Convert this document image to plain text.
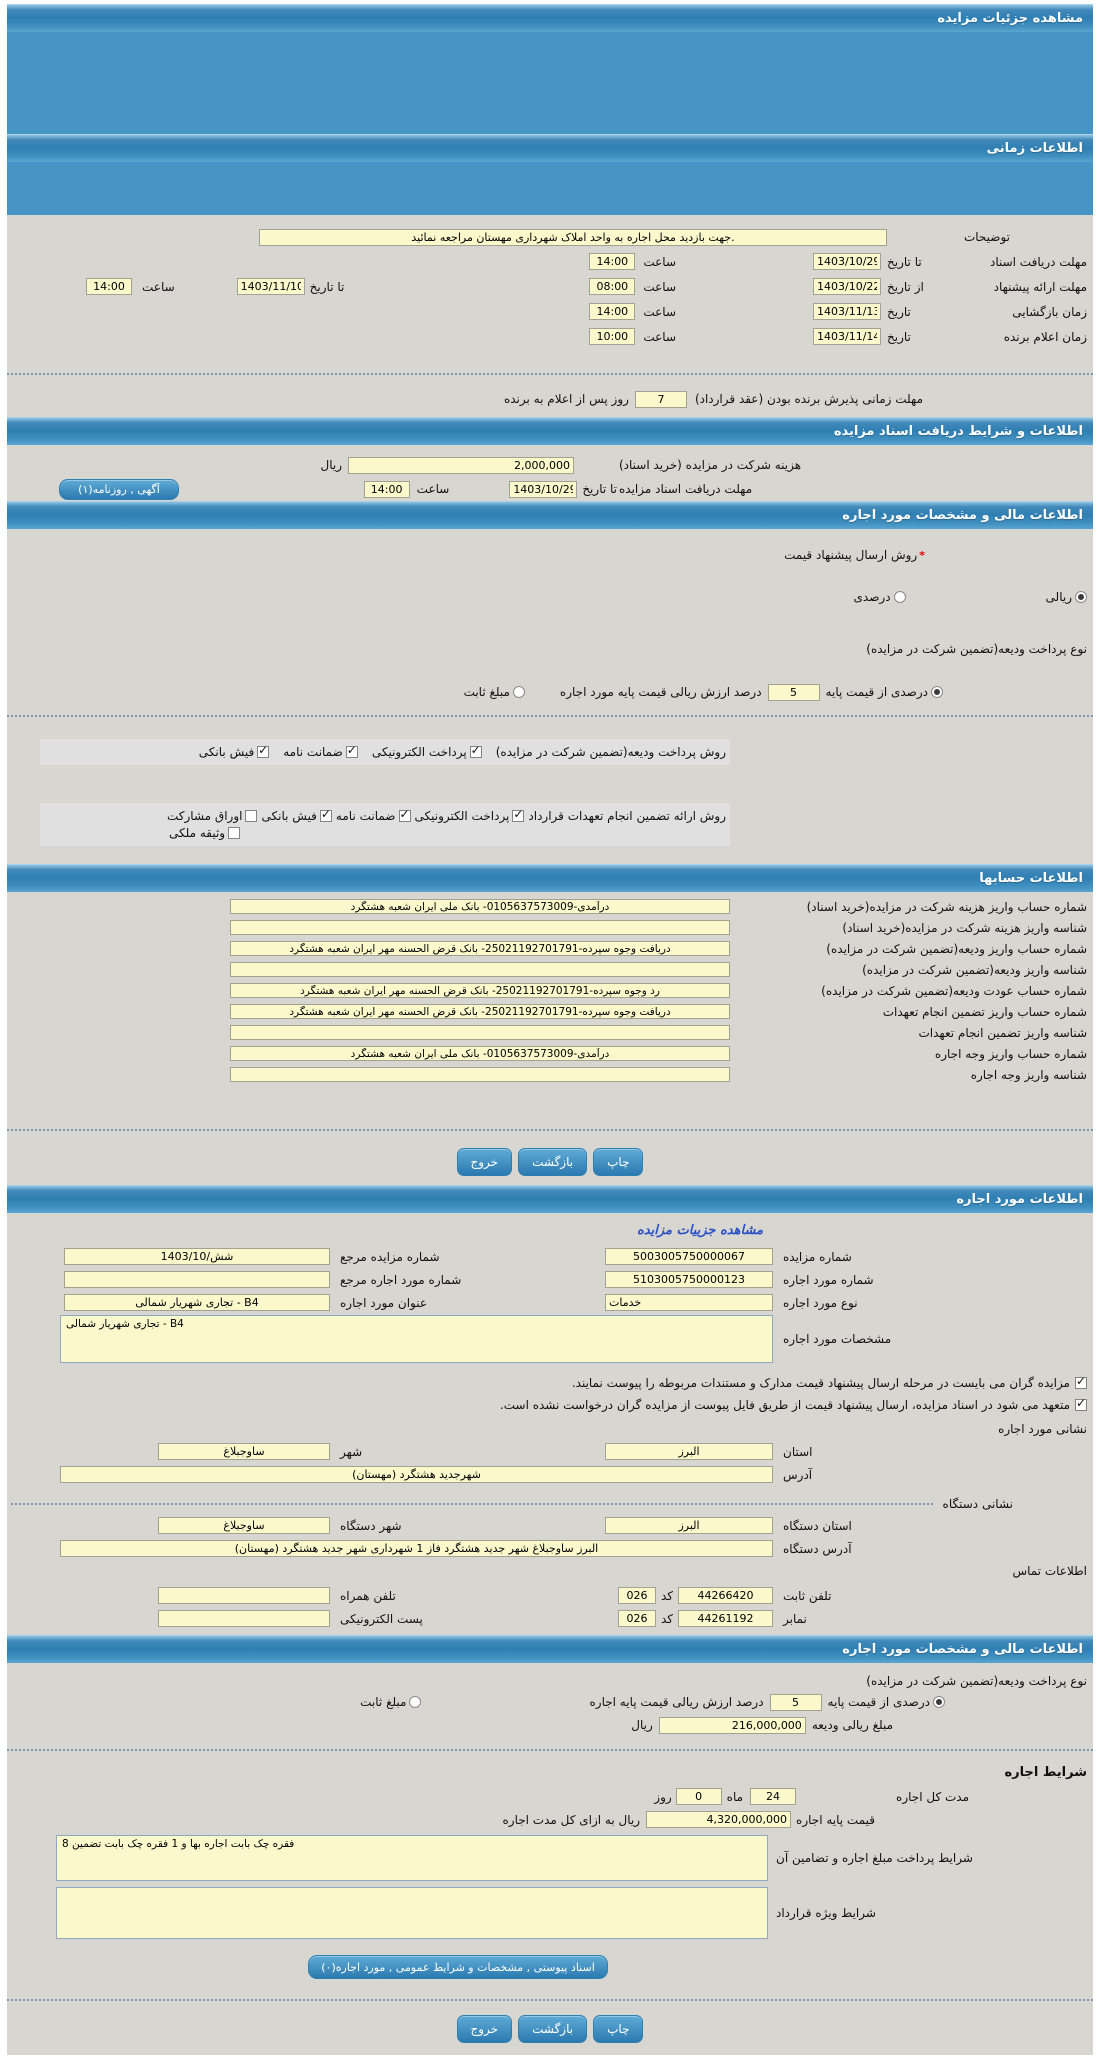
مشاهده جزئیات مزایده
اطلاعات زمانی
توضیحات
جهت بازدید محل اجاره به واحد املاک شهرداری مهستان مراجعه نمائید.
مهلت دریافت اسناد
تا تاریخ
1403/10/29
ساعت
14:00
مهلت ارائه پیشنهاد
از تاریخ
1403/10/22
ساعت
08:00
تا تاریخ
1403/11/10
ساعت
14:00
زمان بازگشایی
تاریخ
1403/11/13
ساعت
14:00
زمان اعلام برنده
تاریخ
1403/11/14
ساعت
10:00
مهلت زمانی پذیرش برنده بودن (عقد قرارداد)
7
روز پس از اعلام به برنده
اطلاعات و شرایط دریافت اسناد مزایده
هزینه شرکت در مزایده (خرید اسناد)
2,000,000
ریال
مهلت دریافت اسناد مزایده
تا تاریخ
1403/10/29
ساعت
14:00
آگهی , روزنامه(۱)
اطلاعات مالی و مشخصات مورد اجاره
*
روش ارسال پیشنهاد قیمت
ریالی
درصدی
نوع پرداخت ودیعه(تضمین شرکت در مزایده)
درصدی از قیمت پایه
5
درصد ارزش ریالی قیمت پایه مورد اجاره
مبلغ ثابت
روش پرداخت ودیعه(تضمین شرکت در مزایده)
✓
پرداخت الکترونیکی
✓
ضمانت نامه
✓
فیش بانکی
روش ارائه تضمین انجام تعهدات قرارداد
✓
پرداخت الکترونیکی
✓
ضمانت نامه
✓
فیش بانکی
اوراق مشارکت
وثیقه ملکی
اطلاعات حسابها
شماره حساب واریز هزینه شرکت در مزایده(خرید اسناد)
درآمدی-0105637573009- بانک ملی ایران شعبه هشتگرد
شناسه واریز هزینه شرکت در مزایده(خرید اسناد)
شماره حساب واریز ودیعه(تضمین شرکت در مزایده)
دریافت وجوه سپرده-25021192701791- بانک قرض الحسنه مهر ایران شعبه هشتگرد
شناسه واریز ودیعه(تضمین شرکت در مزایده)
شماره حساب عودت ودیعه(تضمین شرکت در مزایده)
رد وجوه سپرده-25021192701791- بانک قرض الحسنه مهر ایران شعبه هشتگرد
شماره حساب واریز تضمین انجام تعهدات
دریافت وجوه سپرده-25021192701791- بانک قرض الحسنه مهر ایران شعبه هشتگرد
شناسه واریز تضمین انجام تعهدات
شماره حساب واریز وجه اجاره
درآمدی-0105637573009- بانک ملی ایران شعبه هشتگرد
شناسه واریز وجه اجاره
چاپ
بازگشت
خروج
اطلاعات مورد اجاره
مشاهده جزییات مزایده
شماره مزایده
5003005750000067
شماره مزایده مرجع
شش/1403/10
شماره مورد اجاره
5103005750000123
شماره مورد اجاره مرجع
نوع مورد اجاره
خدمات
عنوان مورد اجاره
تجاری شهریار شمالی - B4
مشخصات مورد اجاره
تجاری شهریار شمالی - B4
✓
مزایده گران می بایست در مرحله ارسال پیشنهاد قیمت مدارک و مستندات مربوطه را پیوست نمایند.
✓
متعهد می شود در اسناد مزایده، ارسال پیشنهاد قیمت از طریق فایل پیوست از مزایده گران درخواست نشده است.
نشانی مورد اجاره
استان
البرز
شهر
ساوجبلاغ
آدرس
شهرجدید هشتگرد (مهستان)
نشانی دستگاه
استان دستگاه
البرز
شهر دستگاه
ساوجبلاغ
آدرس دستگاه
البرز ساوجبلاغ شهر جدید هشتگرد فاز 1 شهرداری شهر جدید هشتگرد (مهستان)
اطلاعات تماس
تلفن ثابت
44266420
کد
026
تلفن همراه
نمابر
44261192
کد
026
پست الکترونیکی
اطلاعات مالی و مشخصات مورد اجاره
نوع پرداخت ودیعه(تضمین شرکت در مزایده)
درصدی از قیمت پایه
5
درصد ارزش ریالی قیمت پایه اجاره
مبلغ ثابت
مبلغ ریالی ودیعه
216,000,000
ریال
شرایط اجاره
مدت کل اجاره
24
ماه
0
روز
قیمت پایه اجاره
4,320,000,000
ریال به ازای کل مدت اجاره
شرایط پرداخت مبلغ اجاره و تضامین آن
8 فقره چک بابت اجاره بها و 1 فقره چک بابت تضمین
شرایط ویژه قرارداد
اسناد پیوستی , مشخصات و شرایط عمومی , مورد اجاره(۰)
چاپ
بازگشت
خروج
